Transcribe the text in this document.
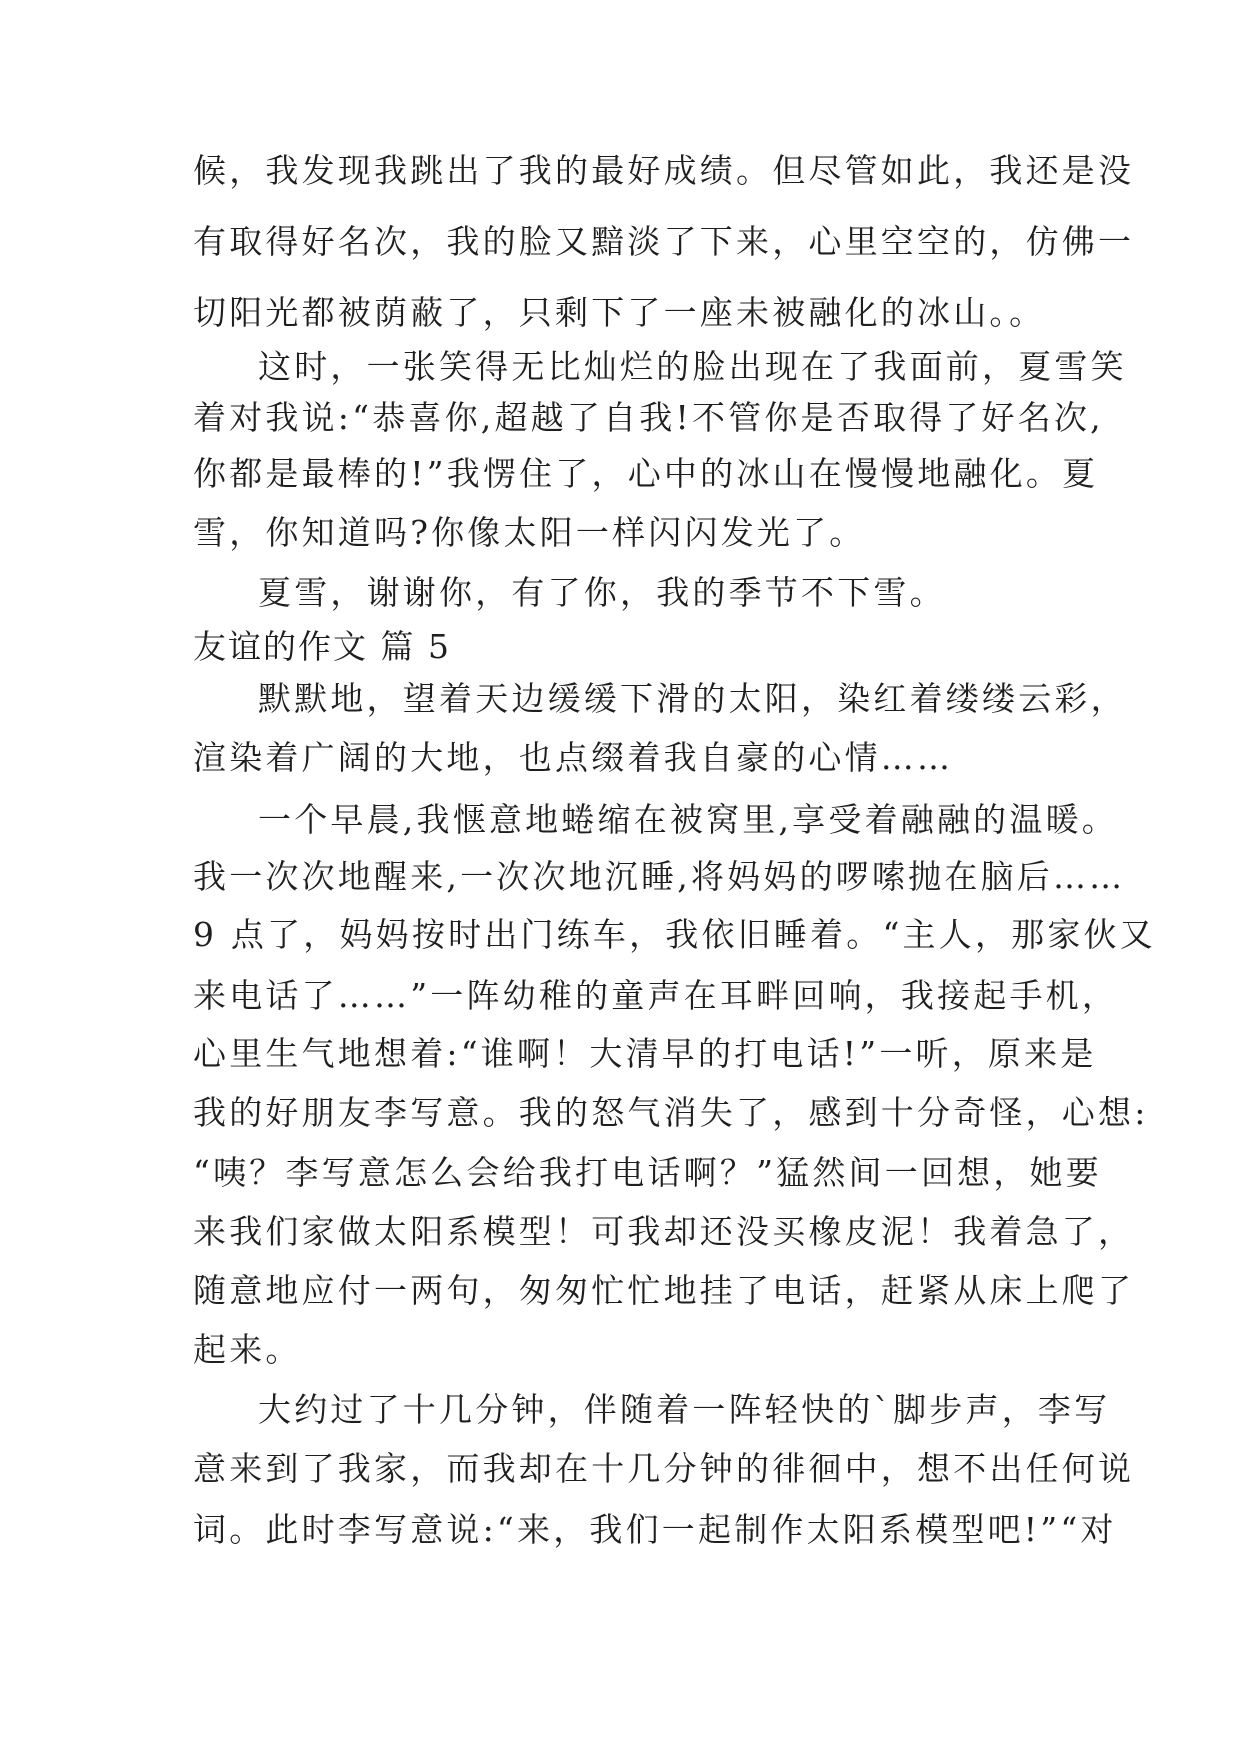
候，我发现我跳出了我的最好成绩。但尽管如此，我还是没
有取得好名次，我的脸又黯淡了下来，心里空空的，仿佛一
切阳光都被荫蔽了，只剩下了一座未被融化的冰山。。
这时，一张笑得无比灿烂的脸出现在了我面前，夏雪笑
着对我说:“恭喜你,超越了自我!不管你是否取得了好名次,
你都是最棒的!”我愣住了，心中的冰山在慢慢地融化。夏
雪，你知道吗?你像太阳一样闪闪发光了。
夏雪，谢谢你，有了你，我的季节不下雪。
友谊的作文 篇 5
默默地，望着天边缓缓下滑的太阳，染红着缕缕云彩，
渲染着广阔的大地，也点缀着我自豪的心情……
一个早晨,我惬意地蜷缩在被窝里,享受着融融的温暖。
我一次次地醒来,一次次地沉睡,将妈妈的啰嗦抛在脑后……
9 点了，妈妈按时出门练车，我依旧睡着。“主人，那家伙又
来电话了……”一阵幼稚的童声在耳畔回响，我接起手机，
心里生气地想着:“谁啊！大清早的打电话!”一听，原来是
我的好朋友李写意。我的怒气消失了，感到十分奇怪，心想:
“咦？李写意怎么会给我打电话啊？”猛然间一回想，她要
来我们家做太阳系模型！可我却还没买橡皮泥！我着急了，
随意地应付一两句，匆匆忙忙地挂了电话，赶紧从床上爬了
起来。
大约过了十几分钟，伴随着一阵轻快的`脚步声，李写
意来到了我家，而我却在十几分钟的徘徊中，想不出任何说
词。此时李写意说:“来，我们一起制作太阳系模型吧!”“对
